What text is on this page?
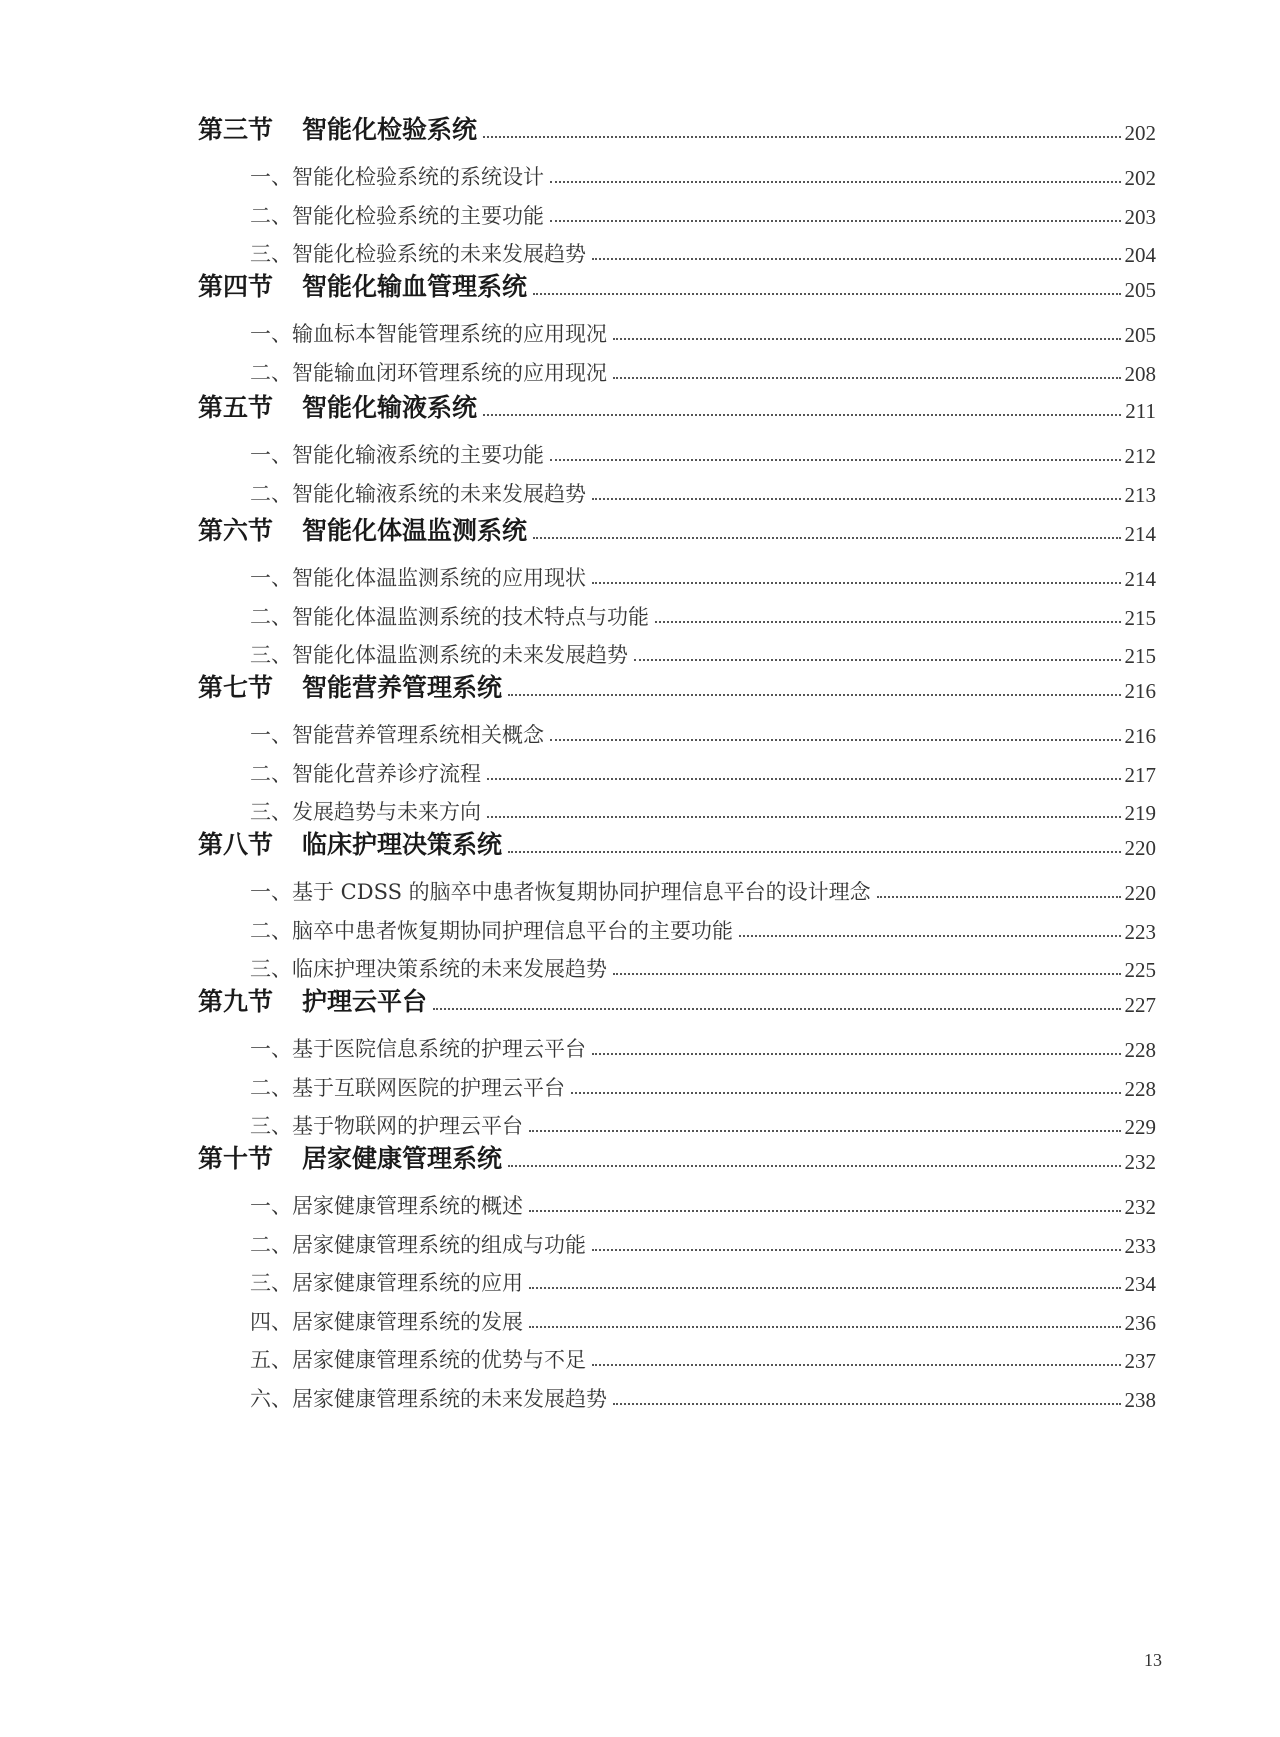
第三节	智能化检验系统	202
一、智能化检验系统的系统设计	202
二、智能化检验系统的主要功能	203
三、智能化检验系统的未来发展趋势	204
第四节	智能化输血管理系统	205
一、输血标本智能管理系统的应用现况	205
二、智能输血闭环管理系统的应用现况	208
第五节	智能化输液系统	211
一、智能化输液系统的主要功能	212
二、智能化输液系统的未来发展趋势	213
第六节	智能化体温监测系统	214
一、智能化体温监测系统的应用现状	214
二、智能化体温监测系统的技术特点与功能	215
三、智能化体温监测系统的未来发展趋势	215
第七节	智能营养管理系统	216
一、智能营养管理系统相关概念	216
二、智能化营养诊疗流程	217
三、发展趋势与未来方向	219
第八节	临床护理决策系统	220
一、基于 CDSS 的脑卒中患者恢复期协同护理信息平台的设计理念	220
二、脑卒中患者恢复期协同护理信息平台的主要功能	223
三、临床护理决策系统的未来发展趋势	225
第九节	护理云平台	227
一、基于医院信息系统的护理云平台	228
二、基于互联网医院的护理云平台	228
三、基于物联网的护理云平台	229
第十节	居家健康管理系统	232
一、居家健康管理系统的概述	232
二、居家健康管理系统的组成与功能	233
三、居家健康管理系统的应用	234
四、居家健康管理系统的发展	236
五、居家健康管理系统的优势与不足	237
六、居家健康管理系统的未来发展趋势	238
13
